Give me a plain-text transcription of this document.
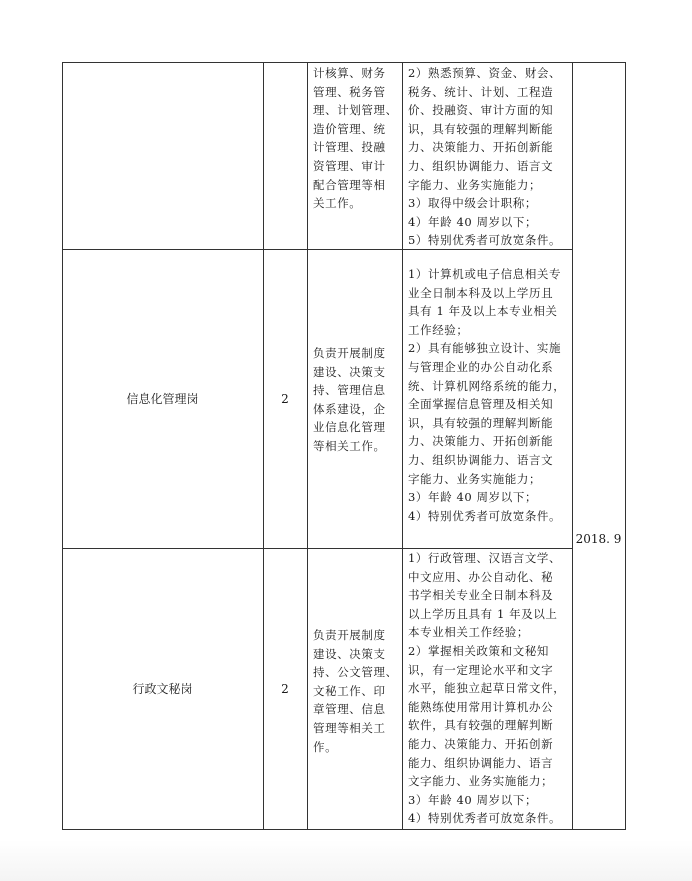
计核算、财务
管理、税务管
理、计划管理、
造价管理、统
计管理、投融
资管理、审计
配合管理等相
关工作。
2）熟悉预算、资金、财会、
税务、统计、计划、工程造
价、投融资、审计方面的知
识，具有较强的理解判断能
力、决策能力、开拓创新能
力、组织协调能力、语言文
字能力、业务实施能力；
3）取得中级会计职称；
4）年龄 40 周岁以下；
5）特别优秀者可放宽条件。
信息化管理岗	2
负责开展制度
建设、决策支
持、管理信息
体系建设，企
业信息化管理
等相关工作。
1）计算机或电子信息相关专
业全日制本科及以上学历且
具有 1 年及以上本专业相关
工作经验；
2）具有能够独立设计、实施
与管理企业的办公自动化系
统、计算机网络系统的能力，
全面掌握信息管理及相关知
识，具有较强的理解判断能
力、决策能力、开拓创新能
力、组织协调能力、语言文
字能力、业务实施能力；
3）年龄 40 周岁以下；
4）特别优秀者可放宽条件。
2018. 9
行政文秘岗	2
负责开展制度
建设、决策支
持、公文管理、
文秘工作、印
章管理、信息
管理等相关工
作。
1）行政管理、汉语言文学、
中文应用、办公自动化、秘
书学相关专业全日制本科及
以上学历且具有 1 年及以上
本专业相关工作经验；
2）掌握相关政策和文秘知
识，有一定理论水平和文字
水平，能独立起草日常文件，
能熟练使用常用计算机办公
软件，具有较强的理解判断
能力、决策能力、开拓创新
能力、组织协调能力、语言
文字能力、业务实施能力；
3）年龄 40 周岁以下；
4）特别优秀者可放宽条件。
